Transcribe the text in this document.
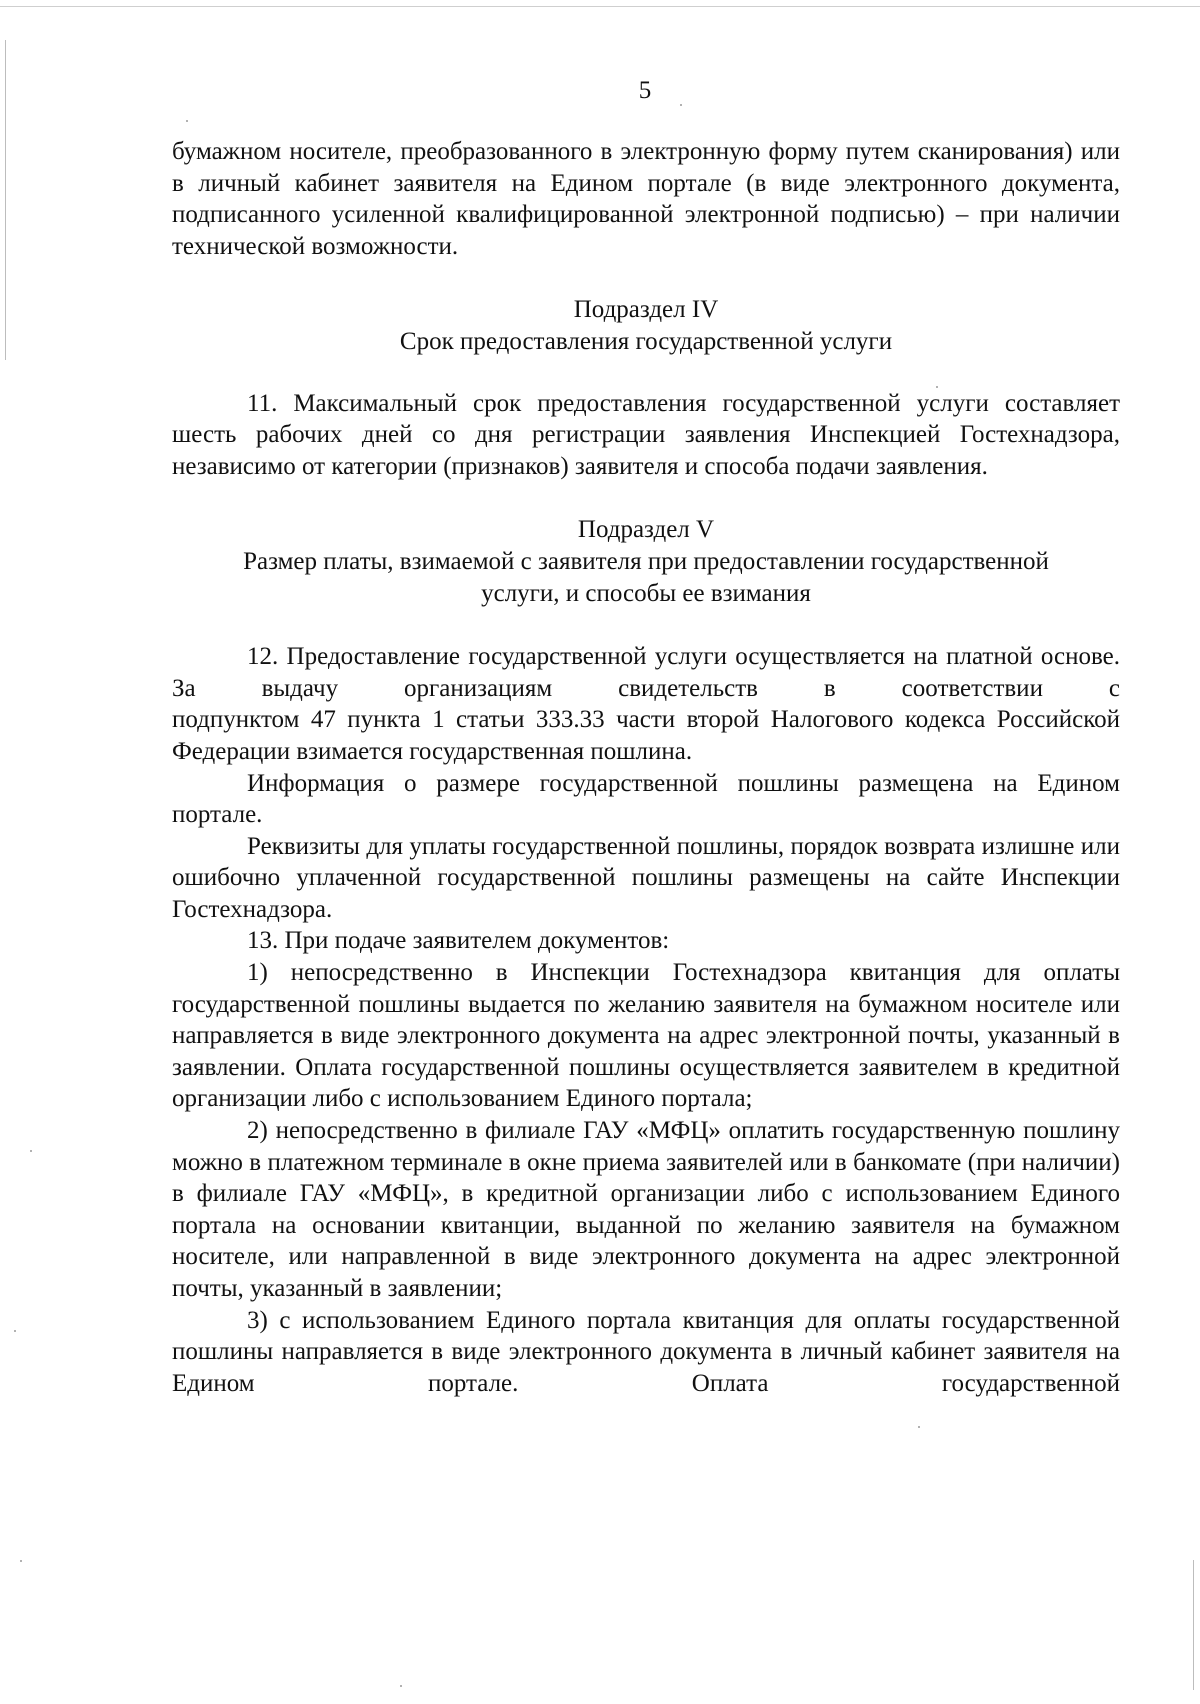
5

бумажном носителе, преобразованного в электронную форму путем сканирования) или в личный кабинет заявителя на Едином портале (в виде электронного документа, подписанного усиленной квалифицированной электронной подписью) – при наличии технической возможности.

Подраздел IV

Срок предоставления государственной услуги

11. Максимальный срок предоставления государственной услуги составляет шесть рабочих дней со дня регистрации заявления Инспекцией Гостехнадзора, независимо от категории (признаков) заявителя и способа подачи заявления.

Подраздел V

Размер платы, взимаемой с заявителя при предоставлении государственной

услуги, и способы ее взимания

12. Предоставление государственной услуги осуществляется на платной основе. За выдачу организациям свидетельств в соответствии с

подпунктом 47 пункта 1 статьи 333.33 части второй Налогового кодекса Российской Федерации взимается государственная пошлина.

Информация о размере государственной пошлины размещена на Едином портале.

Реквизиты для уплаты государственной пошлины, порядок возврата излишне или ошибочно уплаченной государственной пошлины размещены на сайте Инспекции Гостехнадзора.

13. При подаче заявителем документов:

1) непосредственно в Инспекции Гостехнадзора квитанция для оплаты государственной пошлины выдается по желанию заявителя на бумажном носителе или направляется в виде электронного документа на адрес электронной почты, указанный в заявлении. Оплата государственной пошлины осуществляется заявителем в кредитной организации либо с использованием Единого портала;

2) непосредственно в филиале ГАУ «МФЦ» оплатить государственную пошлину можно в платежном терминале в окне приема заявителей или в банкомате (при наличии) в филиале ГАУ «МФЦ», в кредитной организации либо с использованием Единого портала на основании квитанции, выданной по желанию заявителя на бумажном носителе, или направленной в виде электронного документа на адрес электронной почты, указанный в заявлении;

3) с использованием Единого портала квитанция для оплаты государственной пошлины направляется в виде электронного документа в личный кабинет заявителя на Едином портале. Оплата государственной
